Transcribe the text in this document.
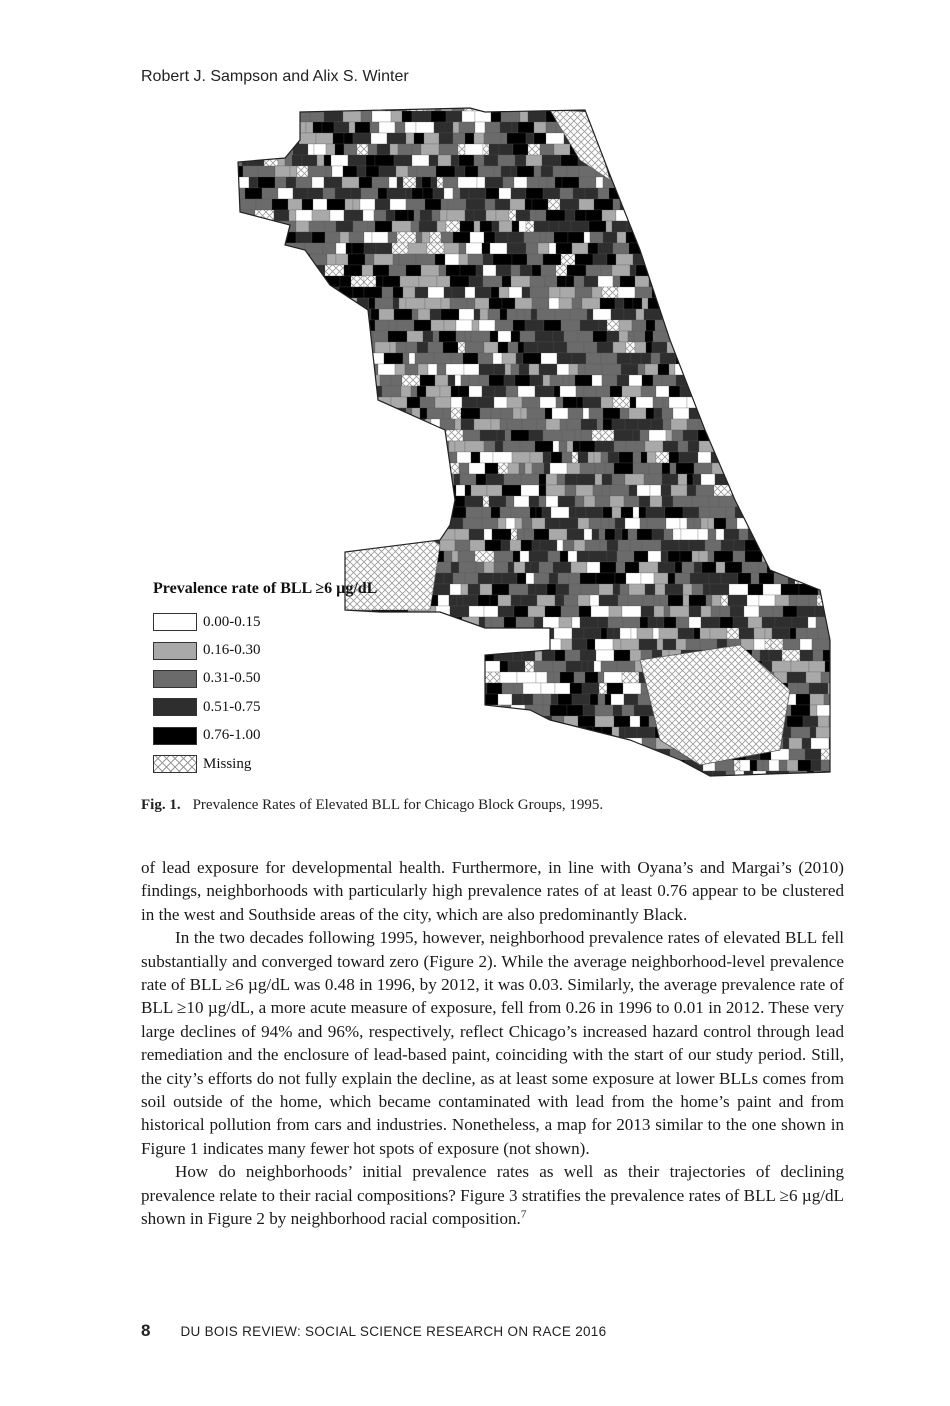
Robert J. Sampson and Alix S. Winter
Prevalence rate of BLL ≥6 µg/dL
0.00-0.15
0.16-0.30
0.31-0.50
0.51-0.75
0.76-1.00
Missing
Fig. 1. Prevalence Rates of Elevated BLL for Chicago Block Groups, 1995.

of lead exposure for developmental health. Furthermore, in line with Oyana’s and Margai’s (2010) findings, neighborhoods with particularly high prevalence rates of at least 0.76 appear to be clustered in the west and Southside areas of the city, which are also predominantly Black.

In the two decades following 1995, however, neighborhood prevalence rates of elevated BLL fell substantially and converged toward zero (Figure 2). While the average neighborhood-level prevalence rate of BLL ≥6 µg/dL was 0.48 in 1996, by 2012, it was 0.03. Similarly, the average prevalence rate of BLL ≥10 µg/dL, a more acute measure of exposure, fell from 0.26 in 1996 to 0.01 in 2012. These very large declines of 94% and 96%, respectively, reflect Chicago’s increased hazard control through lead remediation and the enclosure of lead-based paint, coinciding with the start of our study period. Still, the city’s efforts do not fully explain the decline, as at least some exposure at lower BLLs comes from soil outside of the home, which became contaminated with lead from the home’s paint and from historical pollution from cars and industries. Nonetheless, a map for 2013 similar to the one shown in Figure 1 indicates many fewer hot spots of exposure (not shown).

How do neighborhoods’ initial prevalence rates as well as their trajectories of declining prevalence relate to their racial compositions? Figure 3 stratifies the prevalence rates of BLL ≥6 µg/dL shown in Figure 2 by neighborhood racial composition.$^7$

8 DU BOIS REVIEW: SOCIAL SCIENCE RESEARCH ON RACE 2016
